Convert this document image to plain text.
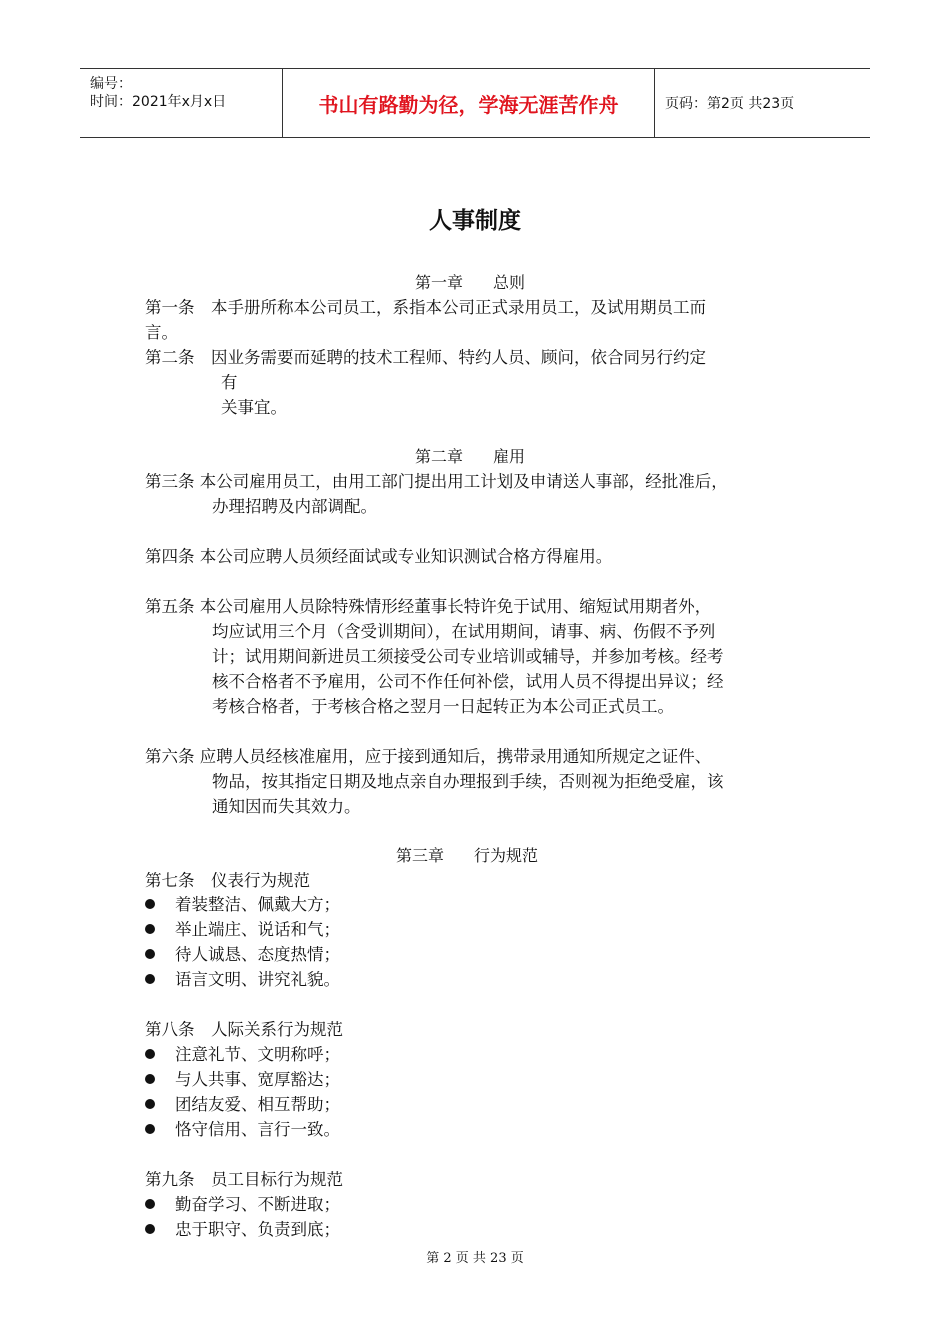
编号：
时间：2021年x月x日	书山有路勤为径，学海无涯苦作舟	页码：第2页 共23页
人事制度
第一章 总则
第一条　本手册所称本公司员工，系指本公司正式录用员工，及试用期员工而
言。
第二条　因业务需要而延聘的技术工程师、特约人员、顾问，依合同另行约定
有
关事宜。
第二章 雇用
第三条 本公司雇用员工，由用工部门提出用工计划及申请送人事部，经批准后，
办理招聘及内部调配。
第四条 本公司应聘人员须经面试或专业知识测试合格方得雇用。
第五条 本公司雇用人员除特殊情形经董事长特许免于试用、缩短试用期者外，
均应试用三个月（含受训期间），在试用期间，请事、病、伤假不予列
计；试用期间新进员工须接受公司专业培训或辅导，并参加考核。经考
核不合格者不予雇用，公司不作任何补偿，试用人员不得提出异议；经
考核合格者，于考核合格之翌月一日起转正为本公司正式员工。
第六条 应聘人员经核准雇用，应于接到通知后，携带录用通知所规定之证件、
物品，按其指定日期及地点亲自办理报到手续，否则视为拒绝受雇，该
通知因而失其效力。
第三章 行为规范
第七条　仪表行为规范
着装整洁、佩戴大方；
举止端庄、说话和气；
待人诚恳、态度热情；
语言文明、讲究礼貌。
第八条　人际关系行为规范
注意礼节、文明称呼；
与人共事、宽厚豁达；
团结友爱、相互帮助；
恪守信用、言行一致。
第九条　员工目标行为规范
勤奋学习、不断进取；
忠于职守、负责到底；
第 2 页 共 23 页
